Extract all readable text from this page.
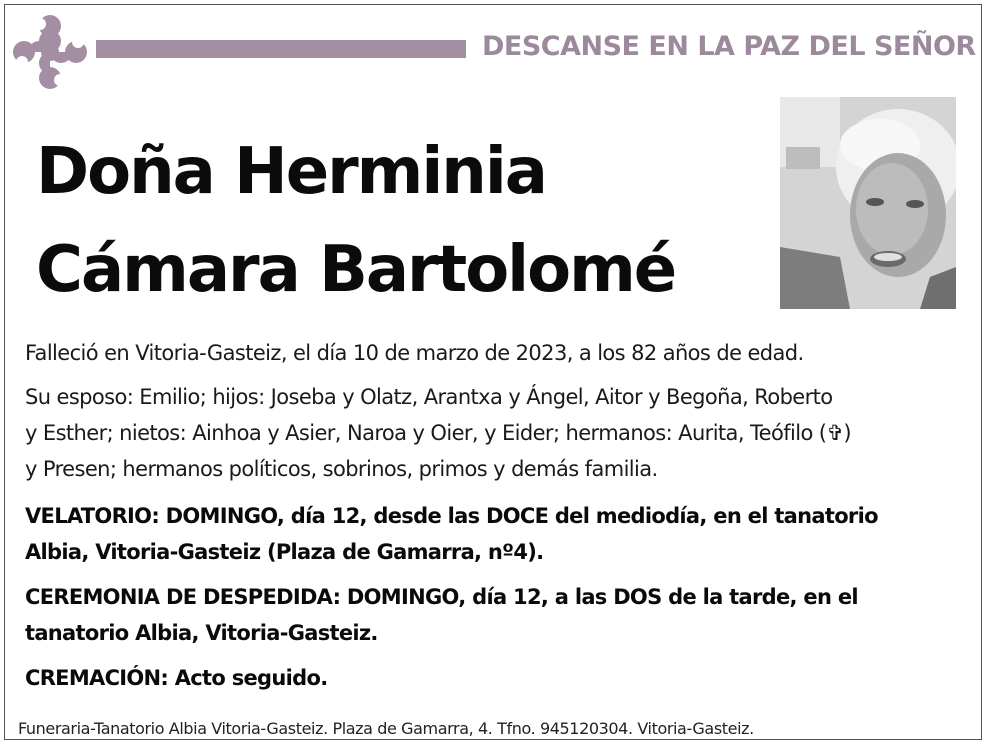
DESCANSE EN LA PAZ DEL SEÑOR
Doña Herminia
Cámara Bartolomé
Falleció en Vitoria-Gasteiz, el día 10 de marzo de 2023, a los 82 años de edad.
Su esposo: Emilio; hijos: Joseba y Olatz, Arantxa y Ángel, Aitor y Begoña, Roberto
y Esther; nietos: Ainhoa y Asier, Naroa y Oier, y Eider; hermanos: Aurita, Teófilo (✞)
y Presen; hermanos políticos, sobrinos, primos y demás familia.
VELATORIO: DOMINGO, día 12, desde las DOCE del mediodía, en el tanatorio
Albia, Vitoria-Gasteiz (Plaza de Gamarra, nº4).
CEREMONIA DE DESPEDIDA: DOMINGO, día 12, a las DOS de la tarde, en el
tanatorio Albia, Vitoria-Gasteiz.
CREMACIÓN: Acto seguido.
Funeraria-Tanatorio Albia Vitoria-Gasteiz. Plaza de Gamarra, 4. Tfno. 945120304. Vitoria-Gasteiz.
